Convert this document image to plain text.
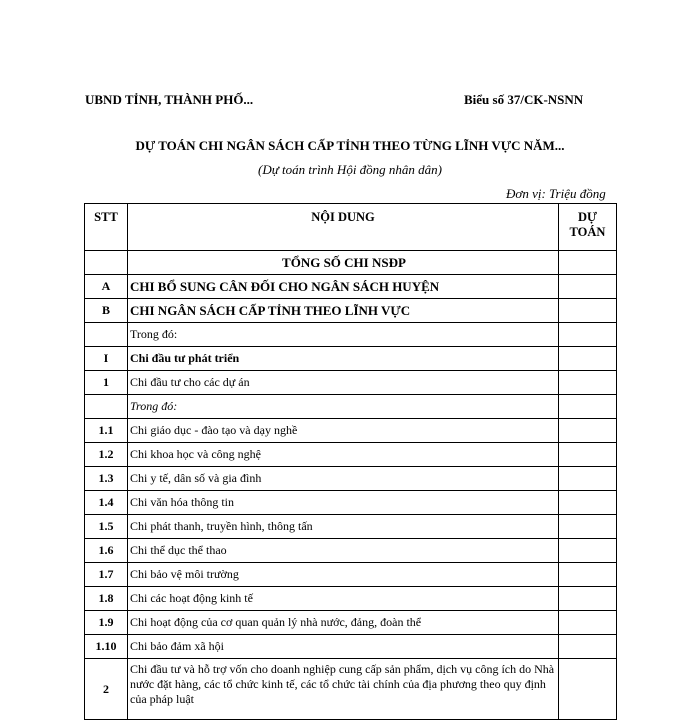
UBND TỈNH, THÀNH PHỐ...	Biểu số 37/CK-NSNN
DỰ TOÁN CHI NGÂN SÁCH CẤP TỈNH THEO TỪNG LĨNH VỰC NĂM...
(Dự toán trình Hội đồng nhân dân)
Đơn vị: Triệu đồng
STT	NỘI DUNG	DỰ
TOÁN
	TỔNG SỐ CHI NSĐP	
A	CHI BỔ SUNG CÂN ĐỐI CHO NGÂN SÁCH HUYỆN	
B	CHI NGÂN SÁCH CẤP TỈNH THEO LĨNH VỰC	
	Trong đó:	
I	Chi đầu tư phát triển	
1	Chi đầu tư cho các dự án	
	Trong đó:	
1.1	Chi giáo dục - đào tạo và dạy nghề	
1.2	Chi khoa học và công nghệ	
1.3	Chi y tế, dân số và gia đình	
1.4	Chi văn hóa thông tin	
1.5	Chi phát thanh, truyền hình, thông tấn	
1.6	Chi thể dục thể thao	
1.7	Chi bảo vệ môi trường	
1.8	Chi các hoạt động kinh tế	
1.9	Chi hoạt động của cơ quan quản lý nhà nước, đảng, đoàn thể	
1.10	Chi bảo đảm xã hội	
2	Chi đầu tư và hỗ trợ vốn cho doanh nghiệp cung cấp sản phẩm, dịch vụ công ích do Nhà nước đặt hàng, các tổ chức kinh tế, các tổ chức tài chính của địa phương theo quy định của pháp luật	
